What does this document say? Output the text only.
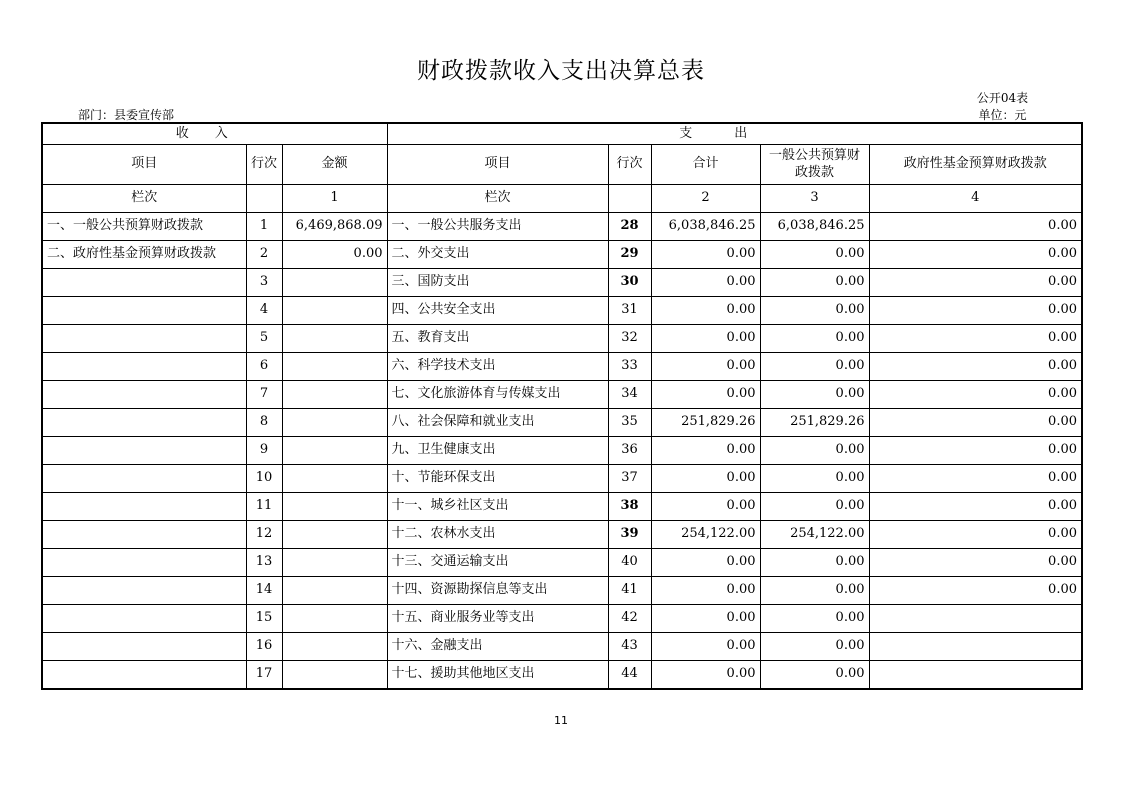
财政拨款收入支出决算总表
公开04表
部门：县委宣传部	单位：元
收入			支出				
项目	行次	金额	项目	行次	合计	一般公共预算财政拨款	政府性基金预算财政拨款
栏次		1	栏次		2	3	4
一、一般公共预算财政拨款	1	6,469,868.09	一、一般公共服务支出	28	6,038,846.25	6,038,846.25	0.00
二、政府性基金预算财政拨款	2	0.00	二、外交支出	29	0.00	0.00	0.00
	3		三、国防支出	30	0.00	0.00	0.00
	4		四、公共安全支出	31	0.00	0.00	0.00
	5		五、教育支出	32	0.00	0.00	0.00
	6		六、科学技术支出	33	0.00	0.00	0.00
	7		七、文化旅游体育与传媒支出	34	0.00	0.00	0.00
	8		八、社会保障和就业支出	35	251,829.26	251,829.26	0.00
	9		九、卫生健康支出	36	0.00	0.00	0.00
	10		十、节能环保支出	37	0.00	0.00	0.00
	11		十一、城乡社区支出	38	0.00	0.00	0.00
	12		十二、农林水支出	39	254,122.00	254,122.00	0.00
	13		十三、交通运输支出	40	0.00	0.00	0.00
	14		十四、资源勘探信息等支出	41	0.00	0.00	0.00
	15		十五、商业服务业等支出	42	0.00	0.00	
	16		十六、金融支出	43	0.00	0.00	
	17		十七、援助其他地区支出	44	0.00	0.00	
11
